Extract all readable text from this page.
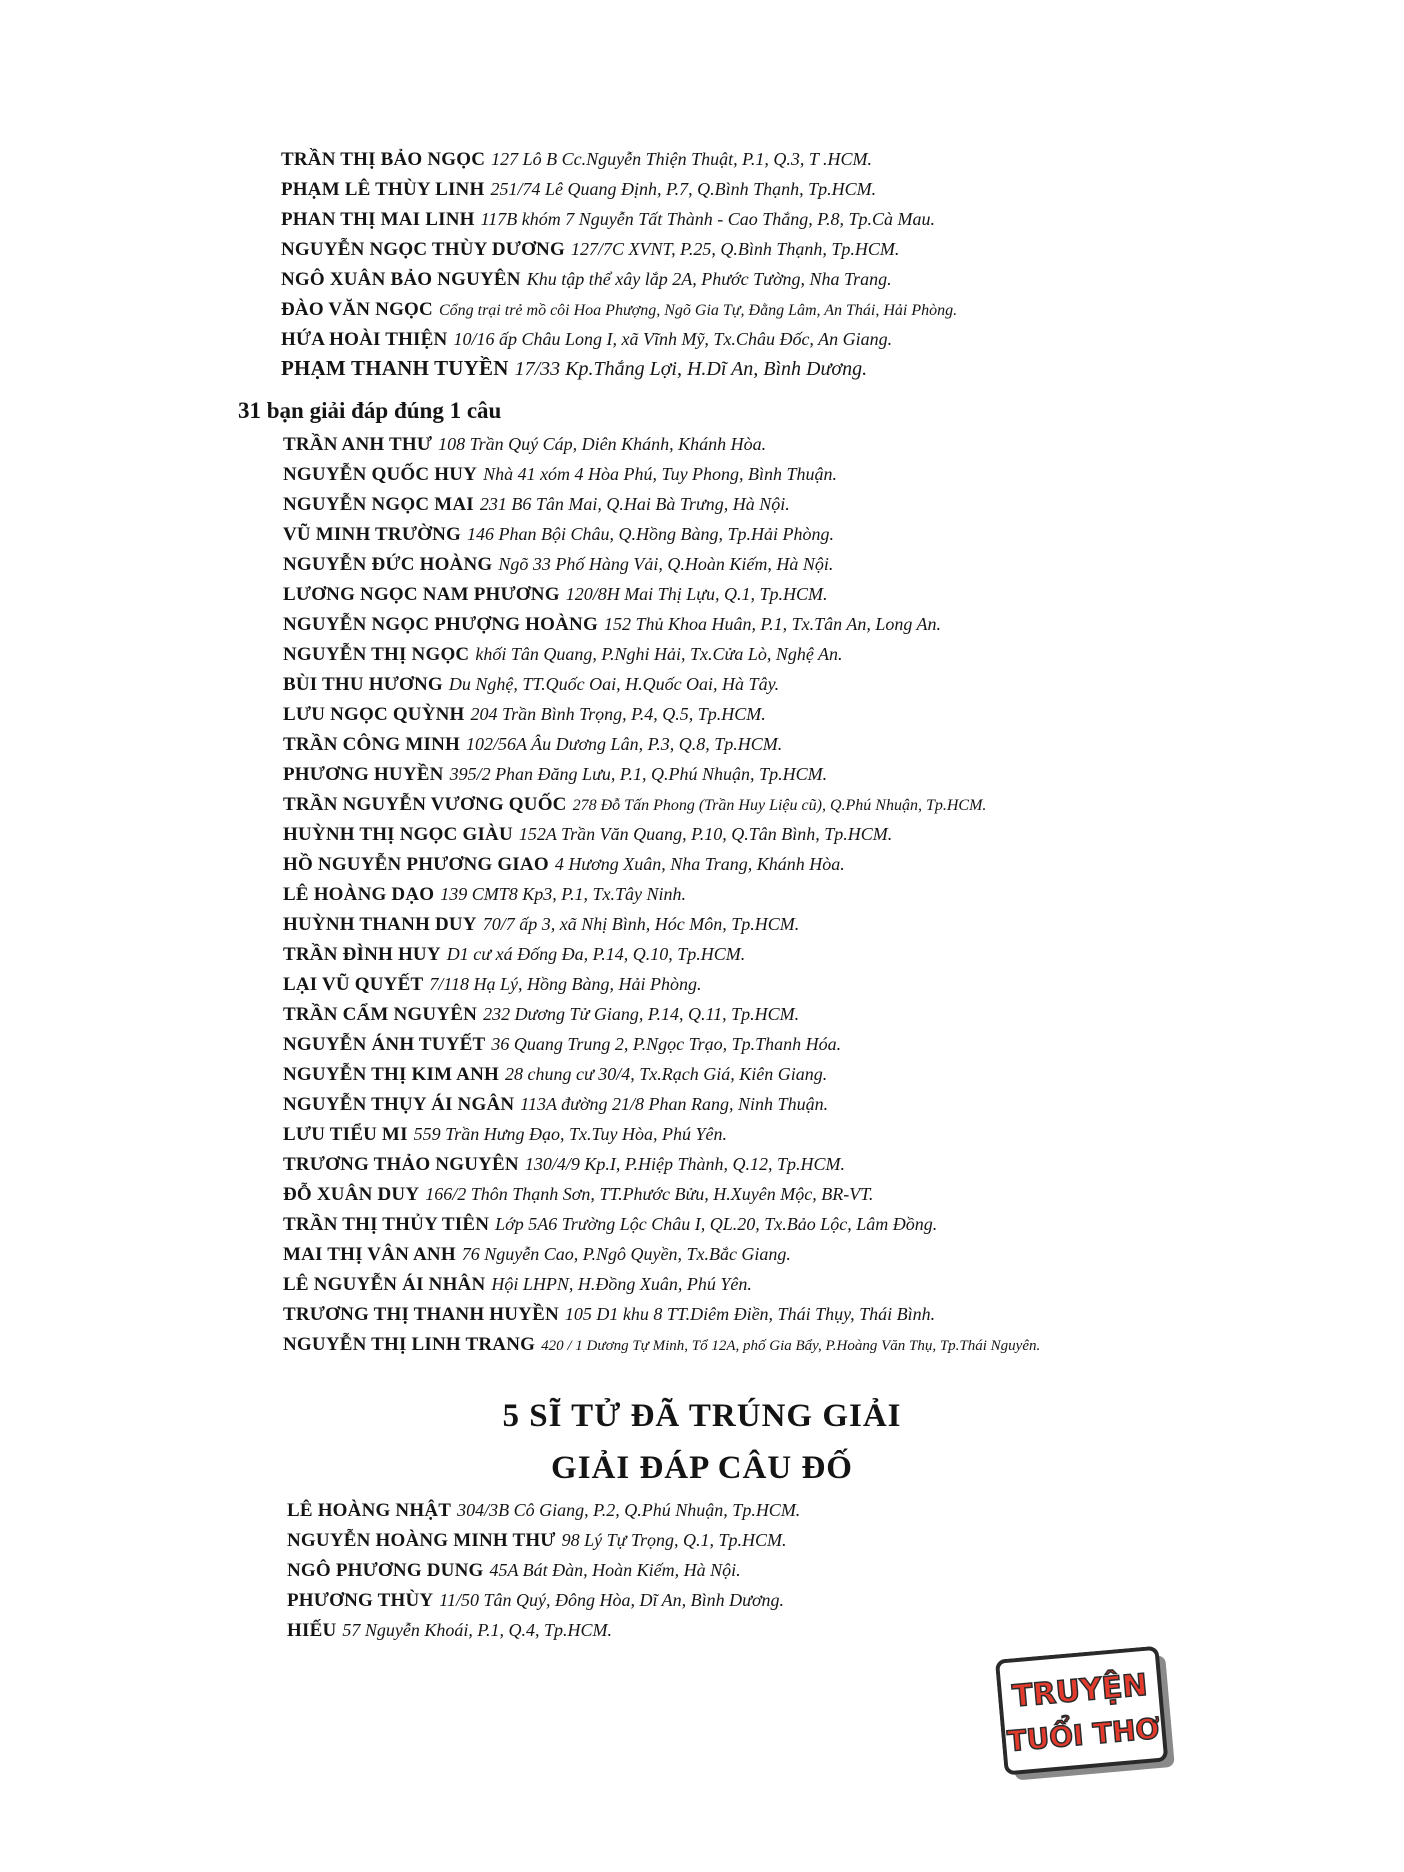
TRẦN THỊ BẢO NGỌC 127 Lô B Cc.Nguyễn Thiện Thuật, P.1, Q.3, T .HCM.
PHẠM LÊ THÙY LINH 251/74 Lê Quang Định, P.7, Q.Bình Thạnh, Tp.HCM.
PHAN THỊ MAI LINH 117B khóm 7 Nguyễn Tất Thành - Cao Thắng, P.8, Tp.Cà Mau.
NGUYỄN NGỌC THÙY DƯƠNG 127/7C XVNT, P.25, Q.Bình Thạnh, Tp.HCM.
NGÔ XUÂN BẢO NGUYÊN Khu tập thể xây lắp 2A, Phước Tường, Nha Trang.
ĐÀO VĂN NGỌC Cổng trại trẻ mồ côi Hoa Phượng, Ngõ Gia Tự, Đằng Lâm, An Thái, Hải Phòng.
HỨA HOÀI THIỆN 10/16 ấp Châu Long I, xã Vĩnh Mỹ, Tx.Châu Đốc, An Giang.
PHẠM THANH TUYỀN 17/33 Kp.Thắng Lợi, H.Dĩ An, Bình Dương.
31 bạn giải đáp đúng 1 câu
TRẦN ANH THƯ 108 Trần Quý Cáp, Diên Khánh, Khánh Hòa.
NGUYỄN QUỐC HUY Nhà 41 xóm 4 Hòa Phú, Tuy Phong, Bình Thuận.
NGUYỄN NGỌC MAI 231 B6 Tân Mai, Q.Hai Bà Trưng, Hà Nội.
VŨ MINH TRƯỜNG 146 Phan Bội Châu, Q.Hồng Bàng, Tp.Hải Phòng.
NGUYỄN ĐỨC HOÀNG Ngõ 33 Phố Hàng Vải, Q.Hoàn Kiếm, Hà Nội.
LƯƠNG NGỌC NAM PHƯƠNG 120/8H Mai Thị Lựu, Q.1, Tp.HCM.
NGUYỄN NGỌC PHƯỢNG HOÀNG 152 Thủ Khoa Huân, P.1, Tx.Tân An, Long An.
NGUYỄN THỊ NGỌC khối Tân Quang, P.Nghi Hải, Tx.Cửa Lò, Nghệ An.
BÙI THU HƯƠNG Du Nghệ, TT.Quốc Oai, H.Quốc Oai, Hà Tây.
LƯU NGỌC QUỲNH 204 Trần Bình Trọng, P.4, Q.5, Tp.HCM.
TRẦN CÔNG MINH 102/56A Âu Dương Lân, P.3, Q.8, Tp.HCM.
PHƯƠNG HUYỀN 395/2 Phan Đăng Lưu, P.1, Q.Phú Nhuận, Tp.HCM.
TRẦN NGUYỄN VƯƠNG QUỐC 278 Đỗ Tấn Phong (Trần Huy Liệu cũ), Q.Phú Nhuận, Tp.HCM.
HUỲNH THỊ NGỌC GIÀU 152A Trần Văn Quang, P.10, Q.Tân Bình, Tp.HCM.
HỒ NGUYỄN PHƯƠNG GIAO 4 Hương Xuân, Nha Trang, Khánh Hòa.
LÊ HOÀNG DẠO 139 CMT8 Kp3, P.1, Tx.Tây Ninh.
HUỲNH THANH DUY 70/7 ấp 3, xã Nhị Bình, Hóc Môn, Tp.HCM.
TRẦN ĐÌNH HUY D1 cư xá Đống Đa, P.14, Q.10, Tp.HCM.
LẠI VŨ QUYẾT 7/118 Hạ Lý, Hồng Bàng, Hải Phòng.
TRẦN CẨM NGUYÊN 232 Dương Tử Giang, P.14, Q.11, Tp.HCM.
NGUYỄN ÁNH TUYẾT 36 Quang Trung 2, P.Ngọc Trạo, Tp.Thanh Hóa.
NGUYỄN THỊ KIM ANH 28 chung cư 30/4, Tx.Rạch Giá, Kiên Giang.
NGUYỄN THỤY ÁI NGÂN 113A đường 21/8 Phan Rang, Ninh Thuận.
LƯU TIỂU MI 559 Trần Hưng Đạo, Tx.Tuy Hòa, Phú Yên.
TRƯƠNG THẢO NGUYÊN 130/4/9 Kp.I, P.Hiệp Thành, Q.12, Tp.HCM.
ĐỖ XUÂN DUY 166/2 Thôn Thạnh Sơn, TT.Phước Bửu, H.Xuyên Mộc, BR-VT.
TRẦN THỊ THỦY TIÊN Lớp 5A6 Trường Lộc Châu I, QL.20, Tx.Bảo Lộc, Lâm Đồng.
MAI THỊ VÂN ANH 76 Nguyễn Cao, P.Ngô Quyền, Tx.Bắc Giang.
LÊ NGUYỄN ÁI NHÂN Hội LHPN, H.Đồng Xuân, Phú Yên.
TRƯƠNG THỊ THANH HUYỀN 105 D1 khu 8 TT.Diêm Điền, Thái Thụy, Thái Bình.
NGUYỄN THỊ LINH TRANG 420 / 1 Dương Tự Minh, Tổ 12A, phố Gia Bẩy, P.Hoàng Văn Thụ, Tp.Thái Nguyên.
5 SĨ TỬ ĐÃ TRÚNG GIẢI
GIẢI ĐÁP CÂU ĐỐ
LÊ HOÀNG NHẬT 304/3B Cô Giang, P.2, Q.Phú Nhuận, Tp.HCM.
NGUYỄN HOÀNG MINH THƯ 98 Lý Tự Trọng, Q.1, Tp.HCM.
NGÔ PHƯƠNG DUNG 45A Bát Đàn, Hoàn Kiếm, Hà Nội.
PHƯƠNG THÙY 11/50 Tân Quý, Đông Hòa, Dĩ An, Bình Dương.
HIẾU 57 Nguyễn Khoái, P.1, Q.4, Tp.HCM.
TRUYỆN
TUỔI THƠ
